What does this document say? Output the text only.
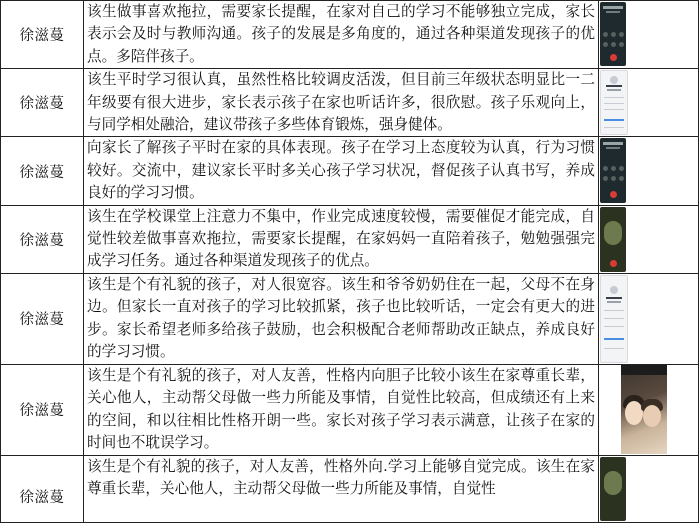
徐滋蔓	该生做事喜欢拖拉，需要家长提醒，在家对自己的学习不能够独立完成，家长表示会及时与教师沟通。孩子的发展是多角度的，通过各种渠道发现孩子的优点。多陪伴孩子。	

徐滋蔓	该生平时学习很认真，虽然性格比较调皮活泼，但目前三年级状态明显比一二年级要有很大进步，家长表示孩子在家也听话许多，很欣慰。孩子乐观向上，与同学相处融洽，建议带孩子多些体育锻炼，强身健体。	

徐滋蔓	向家长了解孩子平时在家的具体表现。孩子在学习上态度较为认真，行为习惯较好。交流中，建议家长平时多关心孩子学习状况，督促孩子认真书写，养成良好的学习习惯。	

徐滋蔓	该生在学校课堂上注意力不集中，作业完成速度较慢，需要催促才能完成，自觉性较差做事喜欢拖拉，需要家长提醒，在家妈妈一直陪着孩子，勉勉强强完成学习任务。通过各种渠道发现孩子的优点。	

徐滋蔓	该生是个有礼貌的孩子，对人很宽容。该生和爷爷奶奶住在一起，父母不在身边。但家长一直对孩子的学习比较抓紧，孩子也比较听话，一定会有更大的进步。家长希望老师多给孩子鼓励，也会积极配合老师帮助改正缺点，养成良好的学习习惯。	

徐滋蔓	该生是个有礼貌的孩子，对人友善，性格内向胆子比较小该生在家尊重长辈，关心他人，主动帮父母做一些力所能及事情，自觉性比较高，但成绩还有上来的空间，和以往相比性格开朗一些。家长对孩子学习表示满意，让孩子在家的时间也不耽误学习。	

徐滋蔓	该生是个有礼貌的孩子，对人友善，性格外向.学习上能够自觉完成。该生在家尊重长辈，关心他人，主动帮父母做一些力所能及事情，自觉性	
